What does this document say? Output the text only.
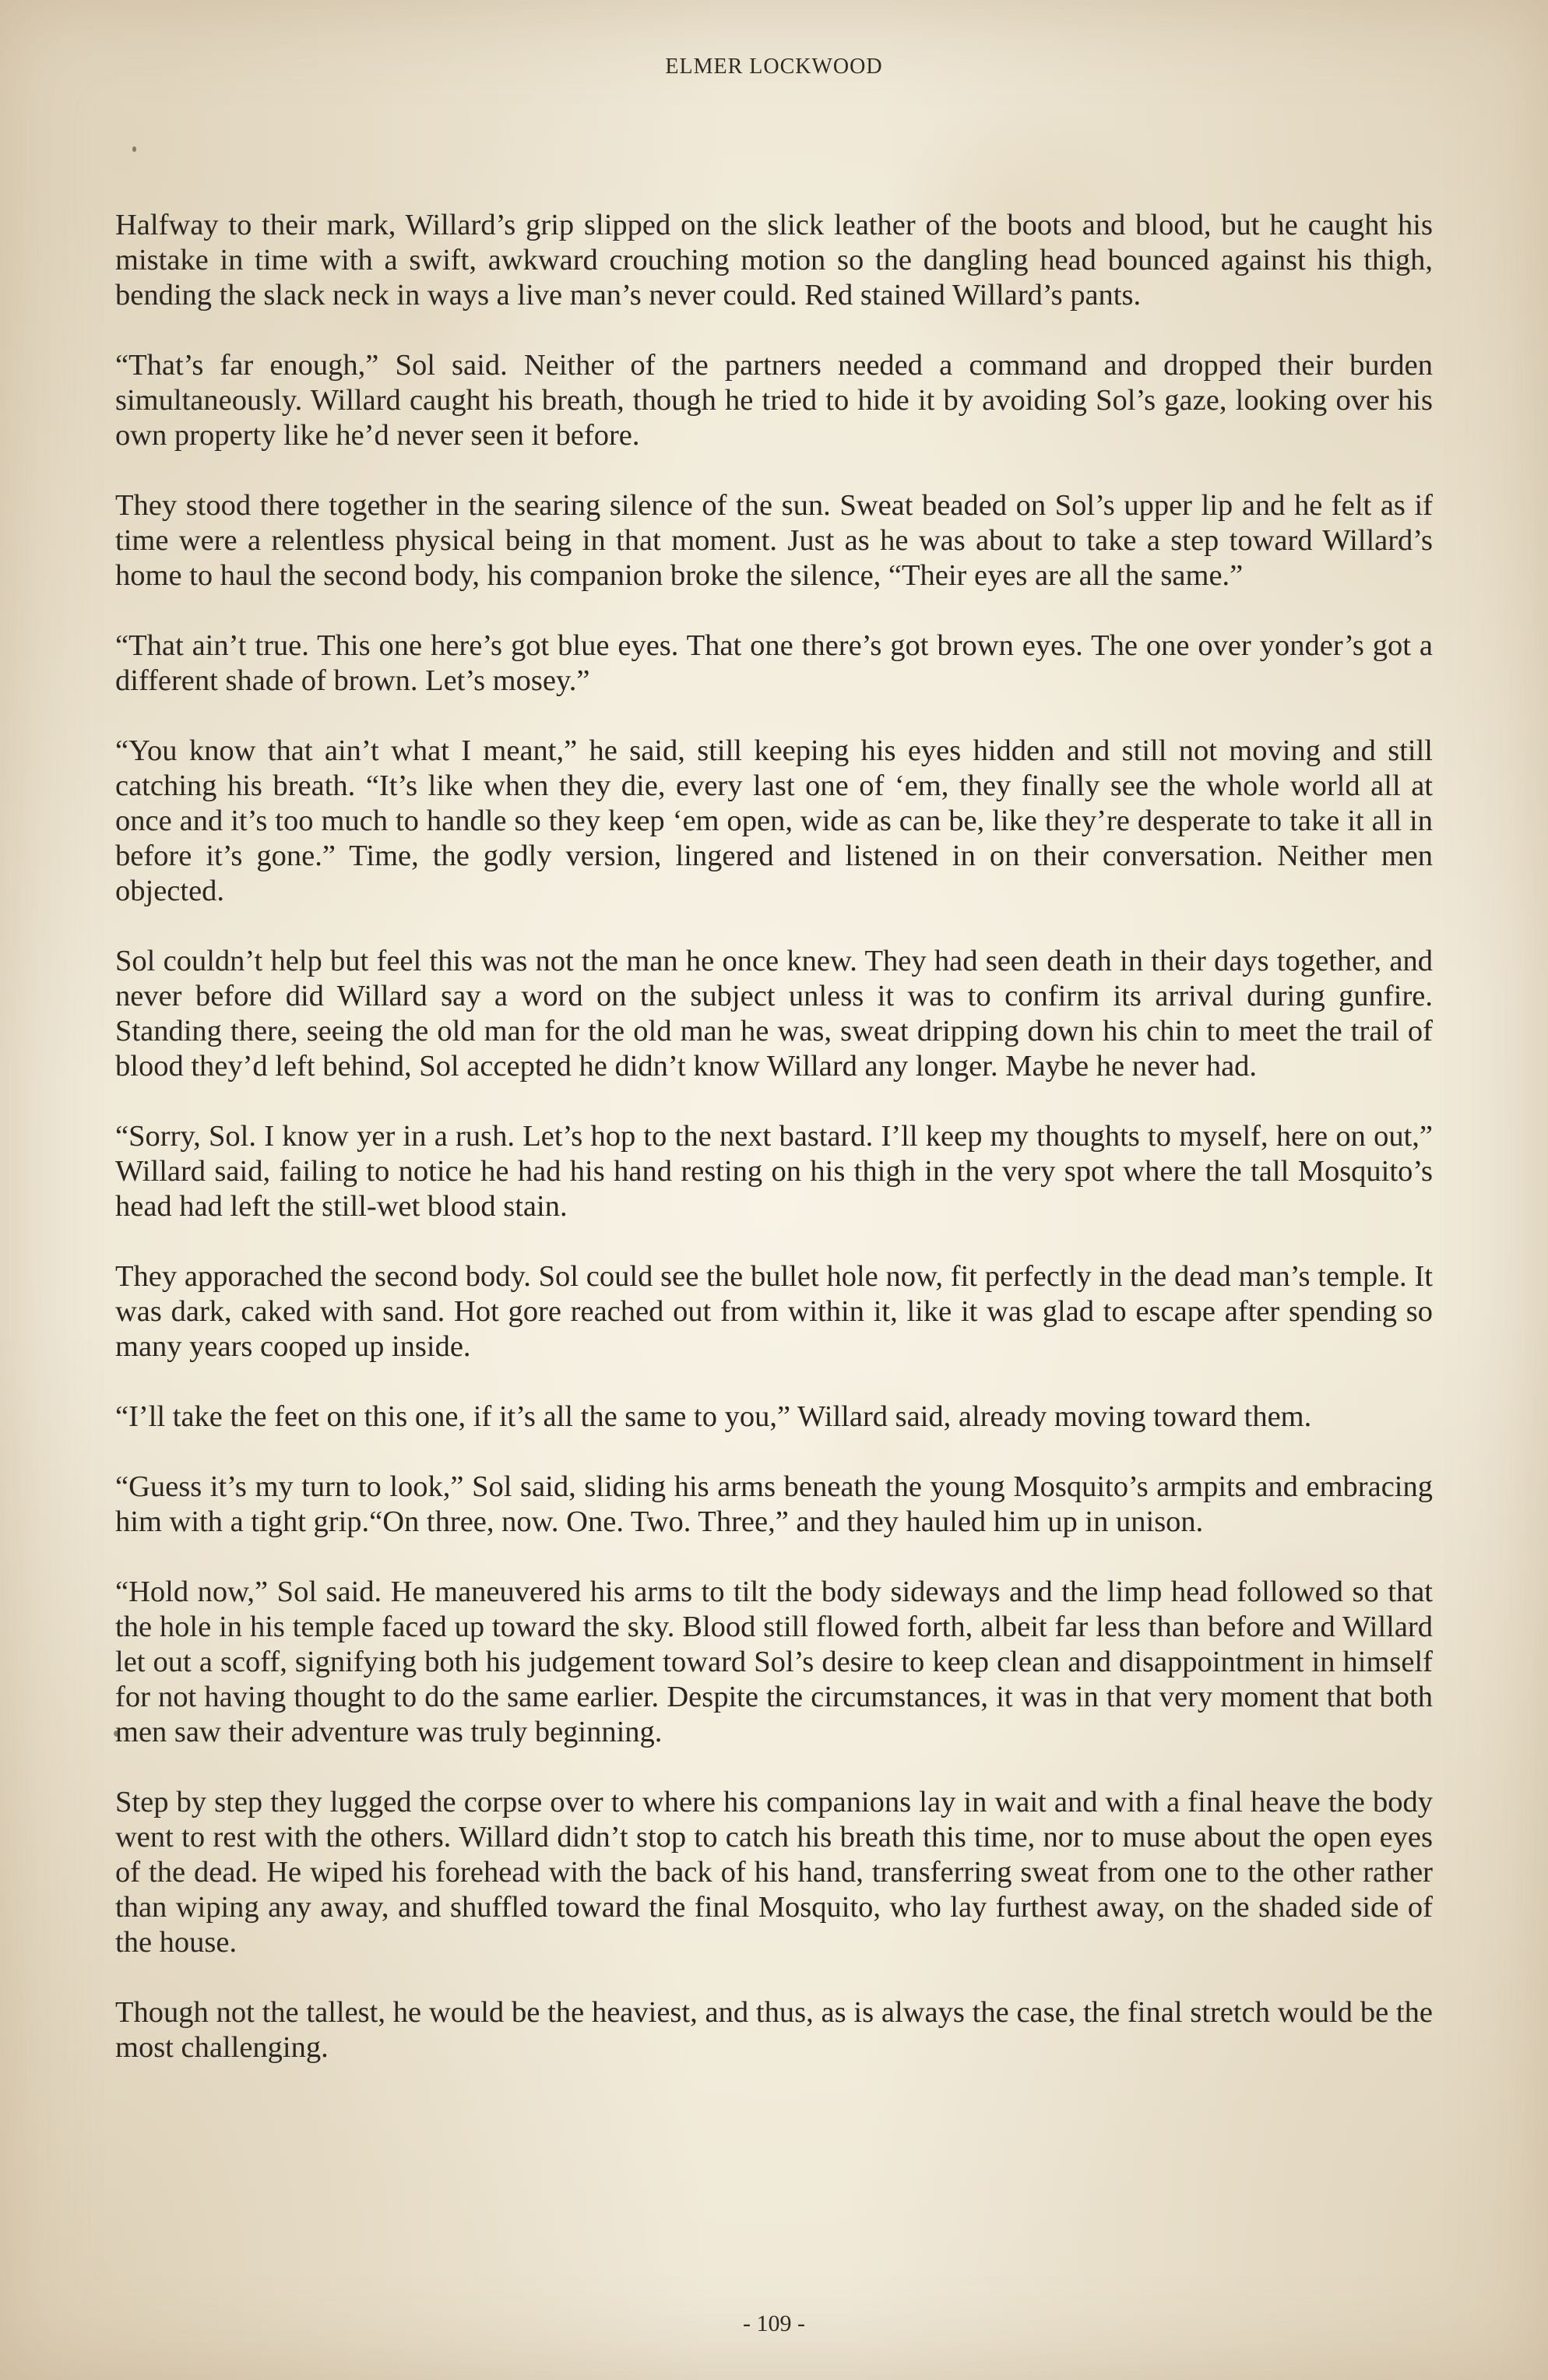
ELMER LOCKWOOD

Halfway to their mark, Willard’s grip slipped on the slick leather of the boots and blood, but he caught his mistake in time with a swift, awkward crouching motion so the dangling head bounced against his thigh, bending the slack neck in ways a live man’s never could. Red stained Willard’s pants.

“That’s far enough,” Sol said. Neither of the partners needed a command and dropped their burden simultaneously. Willard caught his breath, though he tried to hide it by avoiding Sol’s gaze, looking over his own property like he’d never seen it before.

They stood there together in the searing silence of the sun. Sweat beaded on Sol’s upper lip and he felt as if time were a relentless physical being in that moment. Just as he was about to take a step toward Willard’s home to haul the second body, his companion broke the silence, “Their eyes are all the same.”

“That ain’t true. This one here’s got blue eyes. That one there’s got brown eyes. The one over yonder’s got a different shade of brown. Let’s mosey.”

“You know that ain’t what I meant,” he said, still keeping his eyes hidden and still not moving and still catching his breath. “It’s like when they die, every last one of ‘em, they finally see the whole world all at once and it’s too much to handle so they keep ‘em open, wide as can be, like they’re desperate to take it all in before it’s gone.” Time, the godly version, lingered and listened in on their conversation. Neither men objected.

Sol couldn’t help but feel this was not the man he once knew. They had seen death in their days together, and never before did Willard say a word on the subject unless it was to confirm its arrival during gunfire. Standing there, seeing the old man for the old man he was, sweat dripping down his chin to meet the trail of blood they’d left behind, Sol accepted he didn’t know Willard any longer. Maybe he never had.

“Sorry, Sol. I know yer in a rush. Let’s hop to the next bastard. I’ll keep my thoughts to myself, here on out,” Willard said, failing to notice he had his hand resting on his thigh in the very spot where the tall Mosquito’s head had left the still-wet blood stain.

They apporached the second body. Sol could see the bullet hole now, fit perfectly in the dead man’s temple. It was dark, caked with sand. Hot gore reached out from within it, like it was glad to escape after spending so many years cooped up inside.

“I’ll take the feet on this one, if it’s all the same to you,” Willard said, already moving toward them.

“Guess it’s my turn to look,” Sol said, sliding his arms beneath the young Mosquito’s armpits and embracing him with a tight grip.“On three, now. One. Two. Three,” and they hauled him up in unison.

“Hold now,” Sol said. He maneuvered his arms to tilt the body sideways and the limp head followed so that the hole in his temple faced up toward the sky. Blood still flowed forth, albeit far less than before and Willard let out a scoff, signifying both his judgement toward Sol’s desire to keep clean and disappointment in himself for not having thought to do the same earlier. Despite the circumstances, it was in that very moment that both men saw their adventure was truly beginning.

Step by step they lugged the corpse over to where his companions lay in wait and with a final heave the body went to rest with the others. Willard didn’t stop to catch his breath this time, nor to muse about the open eyes of the dead. He wiped his forehead with the back of his hand, transferring sweat from one to the other rather than wiping any away, and shuffled toward the final Mosquito, who lay furthest away, on the shaded side of the house.

Though not the tallest, he would be the heaviest, and thus, as is always the case, the final stretch would be the most challenging.

- 109 -
